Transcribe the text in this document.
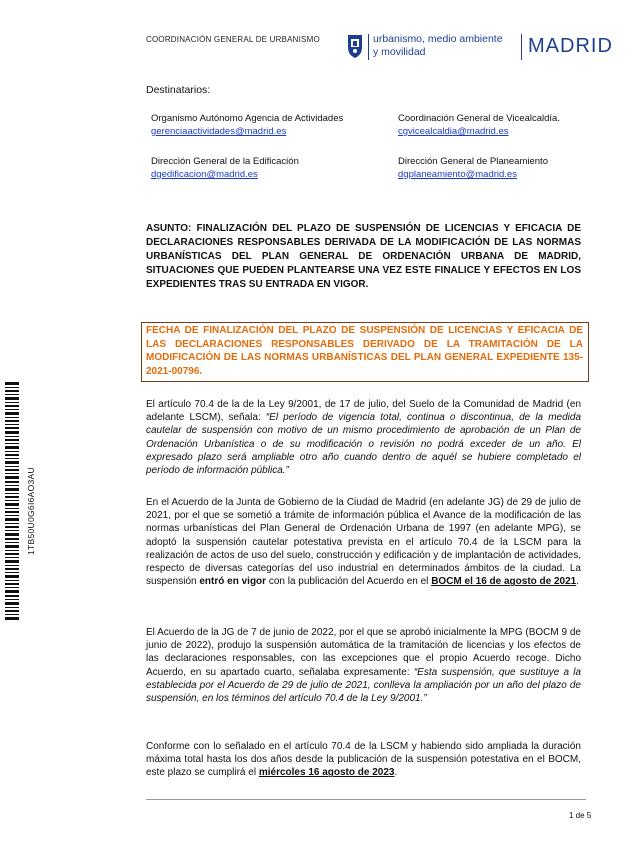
COORDINACIÓN GENERAL DE URBANISMO	urbanismo, medio ambiente
y movilidad	MADRID
Destinatarios:
Organismo Autónomo Agencia de Actividades
gerenciaactividades@madrid.es
Coordinación General de Vicealcaldía.
cgvicealcaldia@madrid.es
Dirección General de la Edificación
dgedificacion@madrid.es
Dirección General de Planeamiento
dgplaneamiento@madrid.es
ASUNTO: FINALIZACIÓN DEL PLAZO DE SUSPENSIÓN DE LICENCIAS Y EFICACIA DE DECLARACIONES RESPONSABLES DERIVADA DE LA MODIFICACIÓN DE LAS NORMAS URBANÍSTICAS DEL PLAN GENERAL DE ORDENACIÓN URBANA DE MADRID, SITUACIONES QUE PUEDEN PLANTEARSE UNA VEZ ESTE FINALICE Y EFECTOS EN LOS EXPEDIENTES TRAS SU ENTRADA EN VIGOR.
FECHA DE FINALIZACIÓN DEL PLAZO DE SUSPENSIÓN DE LICENCIAS Y EFICACIA DE LAS DECLARACIONES RESPONSABLES DERIVADO DE LA TRAMITACIÓN DE LA MODIFICACIÓN DE LAS NORMAS URBANÍSTICAS DEL PLAN GENERAL EXPEDIENTE 135-2021-00796.
El artículo 70.4 de la de la Ley 9/2001, de 17 de julio, del Suelo de la Comunidad de Madrid (en adelante LSCM), señala: “El período de vigencia total, continua o discontinua, de la medida cautelar de suspensión con motivo de un mismo procedimiento de aprobación de un Plan de Ordenación Urbanística o de su modificación o revisión no podrá exceder de un año. El expresado plazo será ampliable otro año cuando dentro de aquél se hubiere completado el período de información pública.”
En el Acuerdo de la Junta de Gobierno de la Ciudad de Madrid (en adelante JG) de 29 de julio de 2021, por el que se sometió a trámite de información pública el Avance de la modificación de las normas urbanísticas del Plan General de Ordenación Urbana de 1997 (en adelante MPG), se adoptó la suspensión cautelar potestativa prevista en el artículo 70.4 de la LSCM para la realización de actos de uso del suelo, construcción y edificación y de implantación de actividades, respecto de diversas categorías del uso industrial en determinados ámbitos de la ciudad. La suspensión entró en vigor con la publicación del Acuerdo en el BOCM el 16 de agosto de 2021.
El Acuerdo de la JG de 7 de junio de 2022, por el que se aprobó inicialmente la MPG (BOCM 9 de junio de 2022), produjo la suspensión automática de la tramitación de licencias y los efectos de las declaraciones responsables, con las excepciones que el propio Acuerdo recoge. Dicho Acuerdo, en su apartado cuarto, señalaba expresamente: “Esta suspensión, que sustituye a la establecida por el Acuerdo de 29 de julio de 2021, conlleva la ampliación por un año del plazo de suspensión, en los términos del artículo 70.4 de la Ley 9/2001.”
Conforme con lo señalado en el artículo 70.4 de la LSCM y habiendo sido ampliada la duración máxima total hasta los dos años desde la publicación de la suspensión potestativa en el BOCM, este plazo se cumplirá el miércoles 16 agosto de 2023.
1TB50U0G6I6AO3AU
1 de 5
